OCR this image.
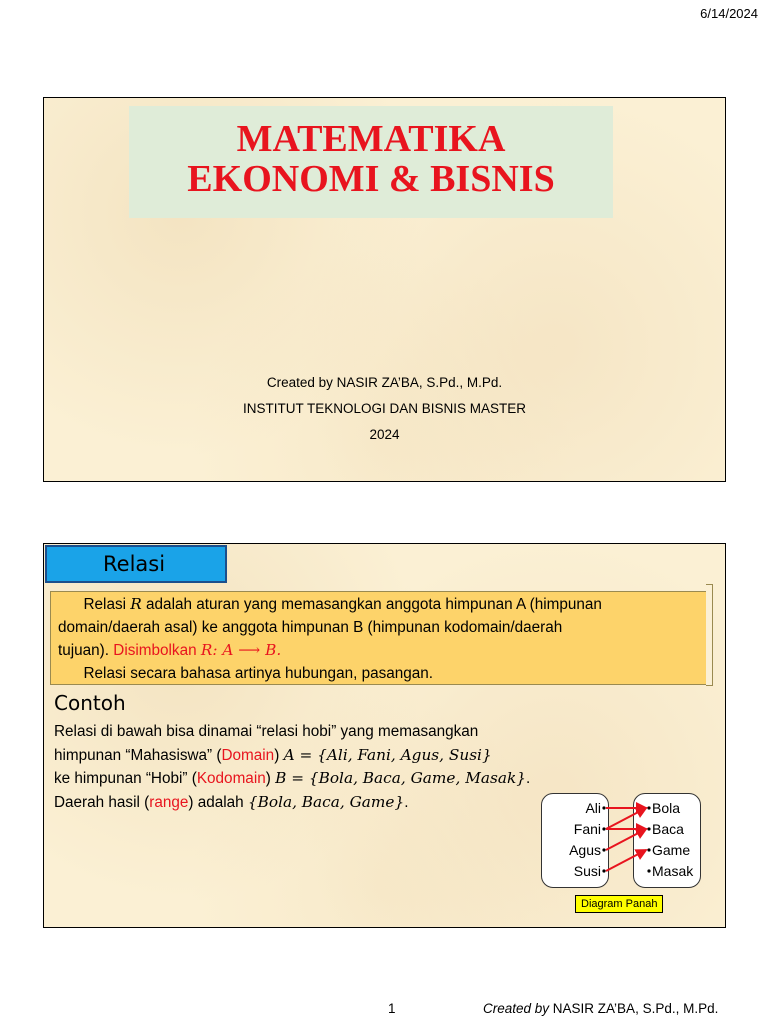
6/14/2024
MATEMATIKA
EKONOMI & BISNIS
Created by NASIR ZA’BA, S.Pd., M.Pd.
INSTITUT TEKNOLOGI DAN BISNIS MASTER
2024
Relasi
Relasi R adalah aturan yang memasangkan anggota himpunan A (himpunan
domain/daerah asal) ke anggota himpunan B (himpunan kodomain/daerah
tujuan). Disimbolkan R: A ⟶ B.
Relasi secara bahasa artinya hubungan, pasangan.
Contoh
Relasi di bawah bisa dinamai “relasi hobi” yang memasangkan
himpunan “Mahasiswa” (Domain) A = {Ali, Fani, Agus, Susi}
ke himpunan “Hobi” (Kodomain) B = {Bola, Baca, Game, Masak}.
Daerah hasil (range) adalah {Bola, Baca, Game}.	Ali
Fani
Agus
Susi
Bola
Baca
Game
Masak
Diagram Panah
1	Created by NASIR ZA’BA, S.Pd., M.Pd.
